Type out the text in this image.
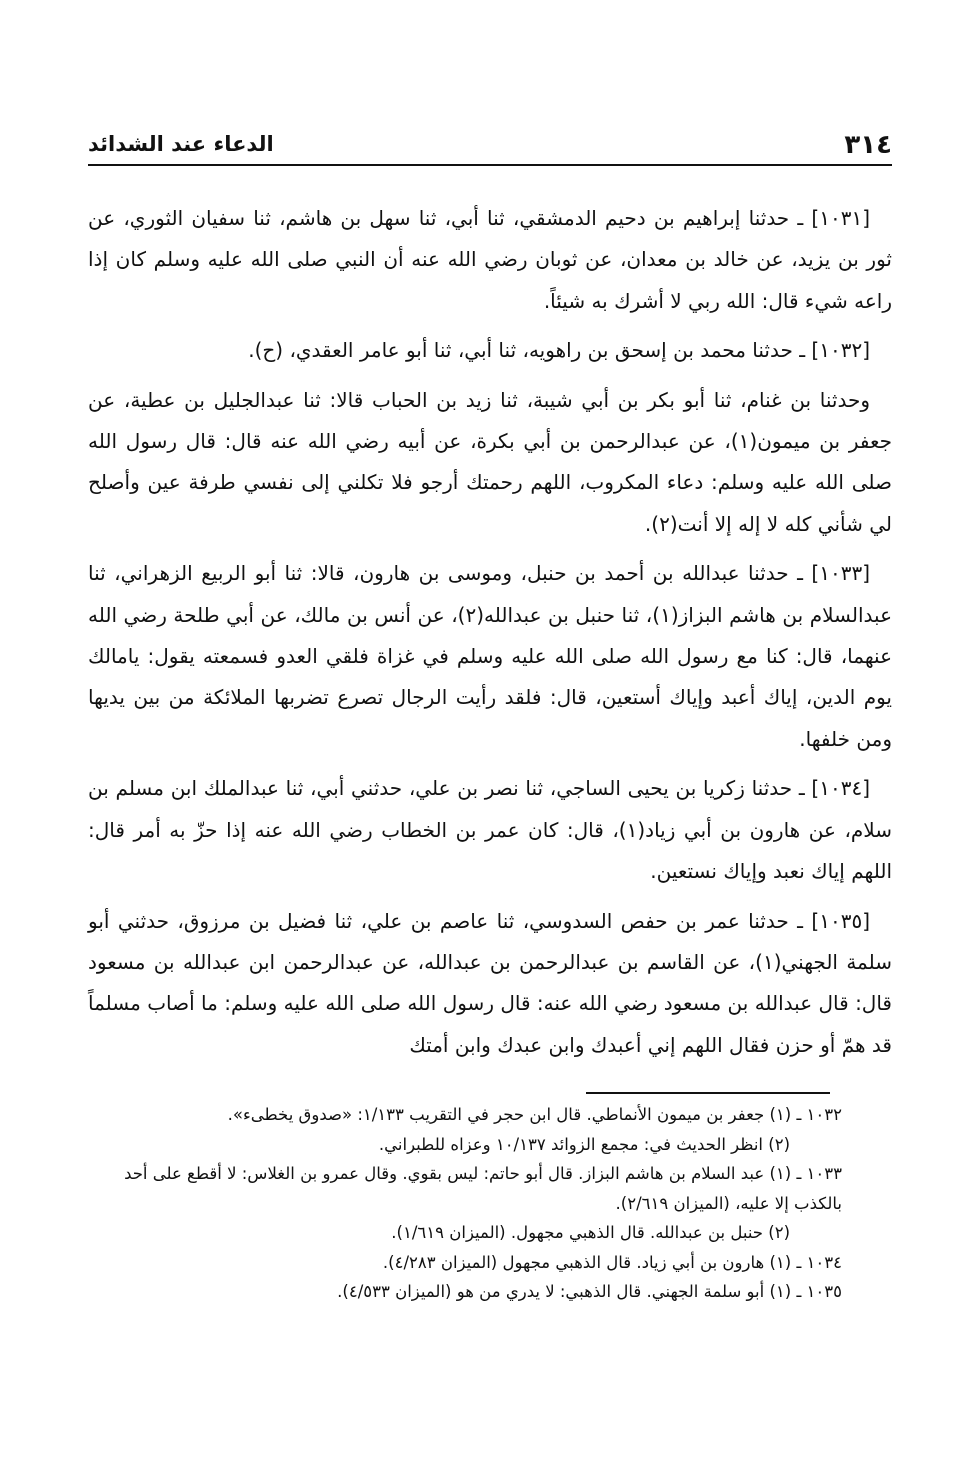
٣١٤
الدعاء عند الشدائد

[١٠٣١] ـ حدثنا إبراهيم بن دحيم الدمشقي، ثنا أبي، ثنا سهل بن هاشم، ثنا سفيان الثوري، عن ثور بن يزيد، عن خالد بن معدان، عن ثوبان رضي الله عنه أن النبي صلى الله عليه وسلم كان إذا راعه شيء قال: الله ربي لا أشرك به شيئاً.

[١٠٣٢] ـ حدثنا محمد بن إسحق بن راهويه، ثنا أبي، ثنا أبو عامر العقدي، (ح).

وحدثنا بن غنام، ثنا أبو بكر بن أبي شيبة، ثنا زيد بن الحباب قالا: ثنا عبدالجليل بن عطية، عن جعفر بن ميمون(١)، عن عبدالرحمن بن أبي بكرة، عن أبيه رضي الله عنه قال: قال رسول الله صلى الله عليه وسلم: دعاء المكروب، اللهم رحمتك أرجو فلا تكلني إلى نفسي طرفة عين وأصلح لي شأني كله لا إله إلا أنت(٢).

[١٠٣٣] ـ حدثنا عبدالله بن أحمد بن حنبل، وموسى بن هارون، قالا: ثنا أبو الربيع الزهراني، ثنا عبدالسلام بن هاشم البزاز(١)، ثنا حنبل بن عبدالله(٢)، عن أنس بن مالك، عن أبي طلحة رضي الله عنهما، قال: كنا مع رسول الله صلى الله عليه وسلم في غزاة فلقي العدو فسمعته يقول: يامالك يوم الدين، إياك أعبد وإياك أستعين، قال: فلقد رأيت الرجال تصرع تضربها الملائكة من بين يديها ومن خلفها.

[١٠٣٤] ـ حدثنا زكريا بن يحيى الساجي، ثنا نصر بن علي، حدثني أبي، ثنا عبدالملك ابن مسلم بن سلام، عن هارون بن أبي زياد(١)، قال: كان عمر بن الخطاب رضي الله عنه إذا حزّ به أمر قال: اللهم إياك نعبد وإياك نستعين.

[١٠٣٥] ـ حدثنا عمر بن حفص السدوسي، ثنا عاصم بن علي، ثنا فضيل بن مرزوق، حدثني أبو سلمة الجهني(١)، عن القاسم بن عبدالرحمن بن عبدالله، عن عبدالرحمن ابن عبدالله بن مسعود قال: قال عبدالله بن مسعود رضي الله عنه: قال رسول الله صلى الله عليه وسلم: ما أصاب مسلماً قد همّ أو حزن فقال اللهم إني أعبدك وابن عبدك وابن أمتك

١٠٣٢ ـ (١) جعفر بن ميمون الأنماطي. قال ابن حجر في التقريب ١/١٣٣: «صدوق يخطىء».

(٢) انظر الحديث في: مجمع الزوائد ١٠/١٣٧ وعزاه للطبراني.

١٠٣٣ ـ (١) عبد السلام بن هاشم البزاز. قال أبو حاتم: ليس بقوي. وقال عمرو بن الغلاس: لا أقطع على أحد بالكذب إلا عليه، (الميزان ٢/٦١٩).

(٢) حنبل بن عبدالله. قال الذهبي مجهول. (الميزان ١/٦١٩).

١٠٣٤ ـ (١) هارون بن أبي زياد. قال الذهبي مجهول (الميزان ٤/٢٨٣).

١٠٣٥ ـ (١) أبو سلمة الجهني. قال الذهبي: لا يدري من هو (الميزان ٤/٥٣٣).
